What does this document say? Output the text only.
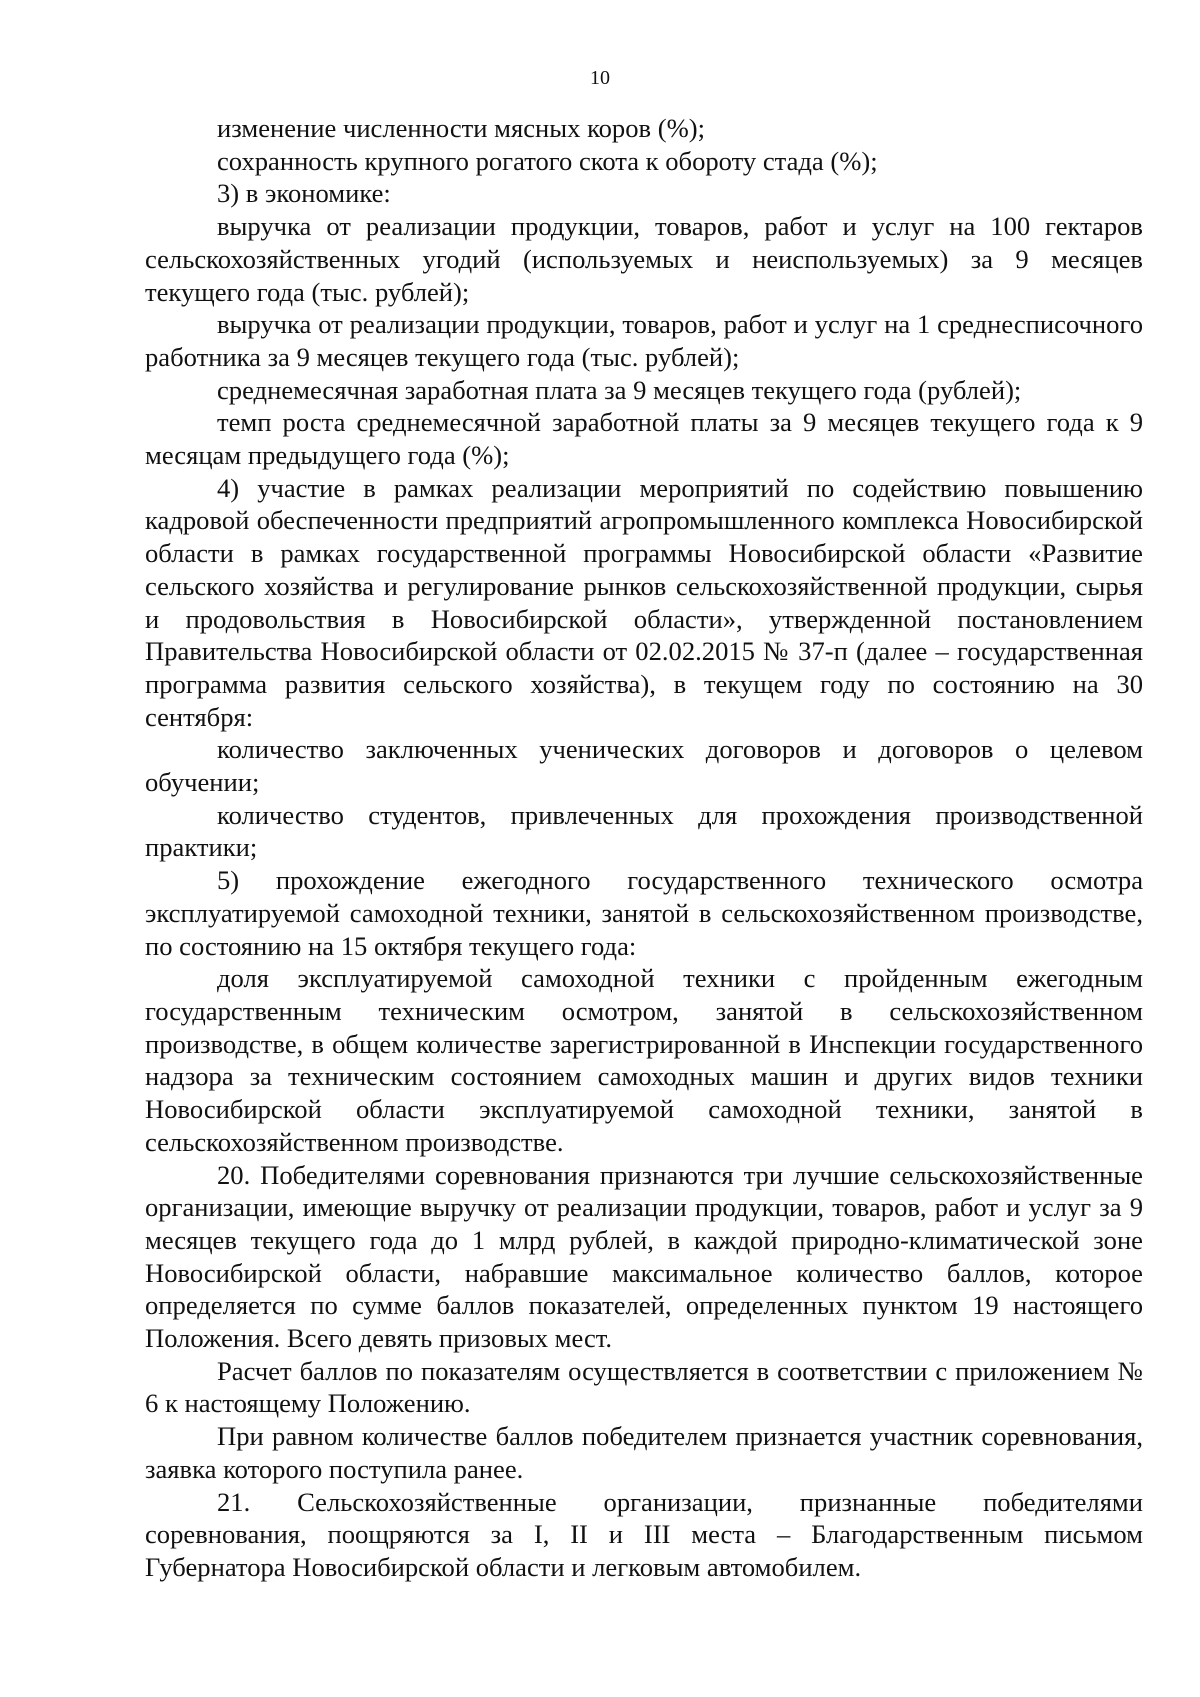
10

изменение численности мясных коров (%);

сохранность крупного рогатого скота к обороту стада (%);

3) в экономике:

выручка от реализации продукции, товаров, работ и услуг на 100 гектаров сельскохозяйственных угодий (используемых и неиспользуемых) за 9 месяцев текущего года (тыс. рублей);

выручка от реализации продукции, товаров, работ и услуг на 1 среднесписочного работника за 9 месяцев текущего года (тыс. рублей);

среднемесячная заработная плата за 9 месяцев текущего года (рублей);

темп роста среднемесячной заработной платы за 9 месяцев текущего года к 9 месяцам предыдущего года (%);

4) участие в рамках реализации мероприятий по содействию повышению кадровой обеспеченности предприятий агропромышленного комплекса Новосибирской области в рамках государственной программы Новосибирской области «Развитие сельского хозяйства и регулирование рынков сельскохозяйственной продукции, сырья и продовольствия в Новосибирской области», утвержденной постановлением Правительства Новосибирской области от 02.02.2015 № 37-п (далее – государственная программа развития сельского хозяйства), в текущем году по состоянию на 30 сентября:

количество заключенных ученических договоров и договоров о целевом обучении;

количество студентов, привлеченных для прохождения производственной практики;

5) прохождение ежегодного государственного технического осмотра эксплуатируемой самоходной техники, занятой в сельскохозяйственном производстве, по состоянию на 15 октября текущего года:

доля эксплуатируемой самоходной техники с пройденным ежегодным государственным техническим осмотром, занятой в сельскохозяйственном производстве, в общем количестве зарегистрированной в Инспекции государственного надзора за техническим состоянием самоходных машин и других видов техники Новосибирской области эксплуатируемой самоходной техники, занятой в сельскохозяйственном производстве.

20. Победителями соревнования признаются три лучшие сельскохозяйственные организации, имеющие выручку от реализации продукции, товаров, работ и услуг за 9 месяцев текущего года до 1 млрд рублей, в каждой природно-климатической зоне Новосибирской области, набравшие максимальное количество баллов, которое определяется по сумме баллов показателей, определенных пунктом 19 настоящего Положения. Всего девять призовых мест.

Расчет баллов по показателям осуществляется в соответствии с приложением № 6 к настоящему Положению.

При равном количестве баллов победителем признается участник соревнования, заявка которого поступила ранее.

21. Сельскохозяйственные организации, признанные победителями соревнования, поощряются за I, II и III места – Благодарственным письмом Губернатора Новосибирской области и легковым автомобилем.
